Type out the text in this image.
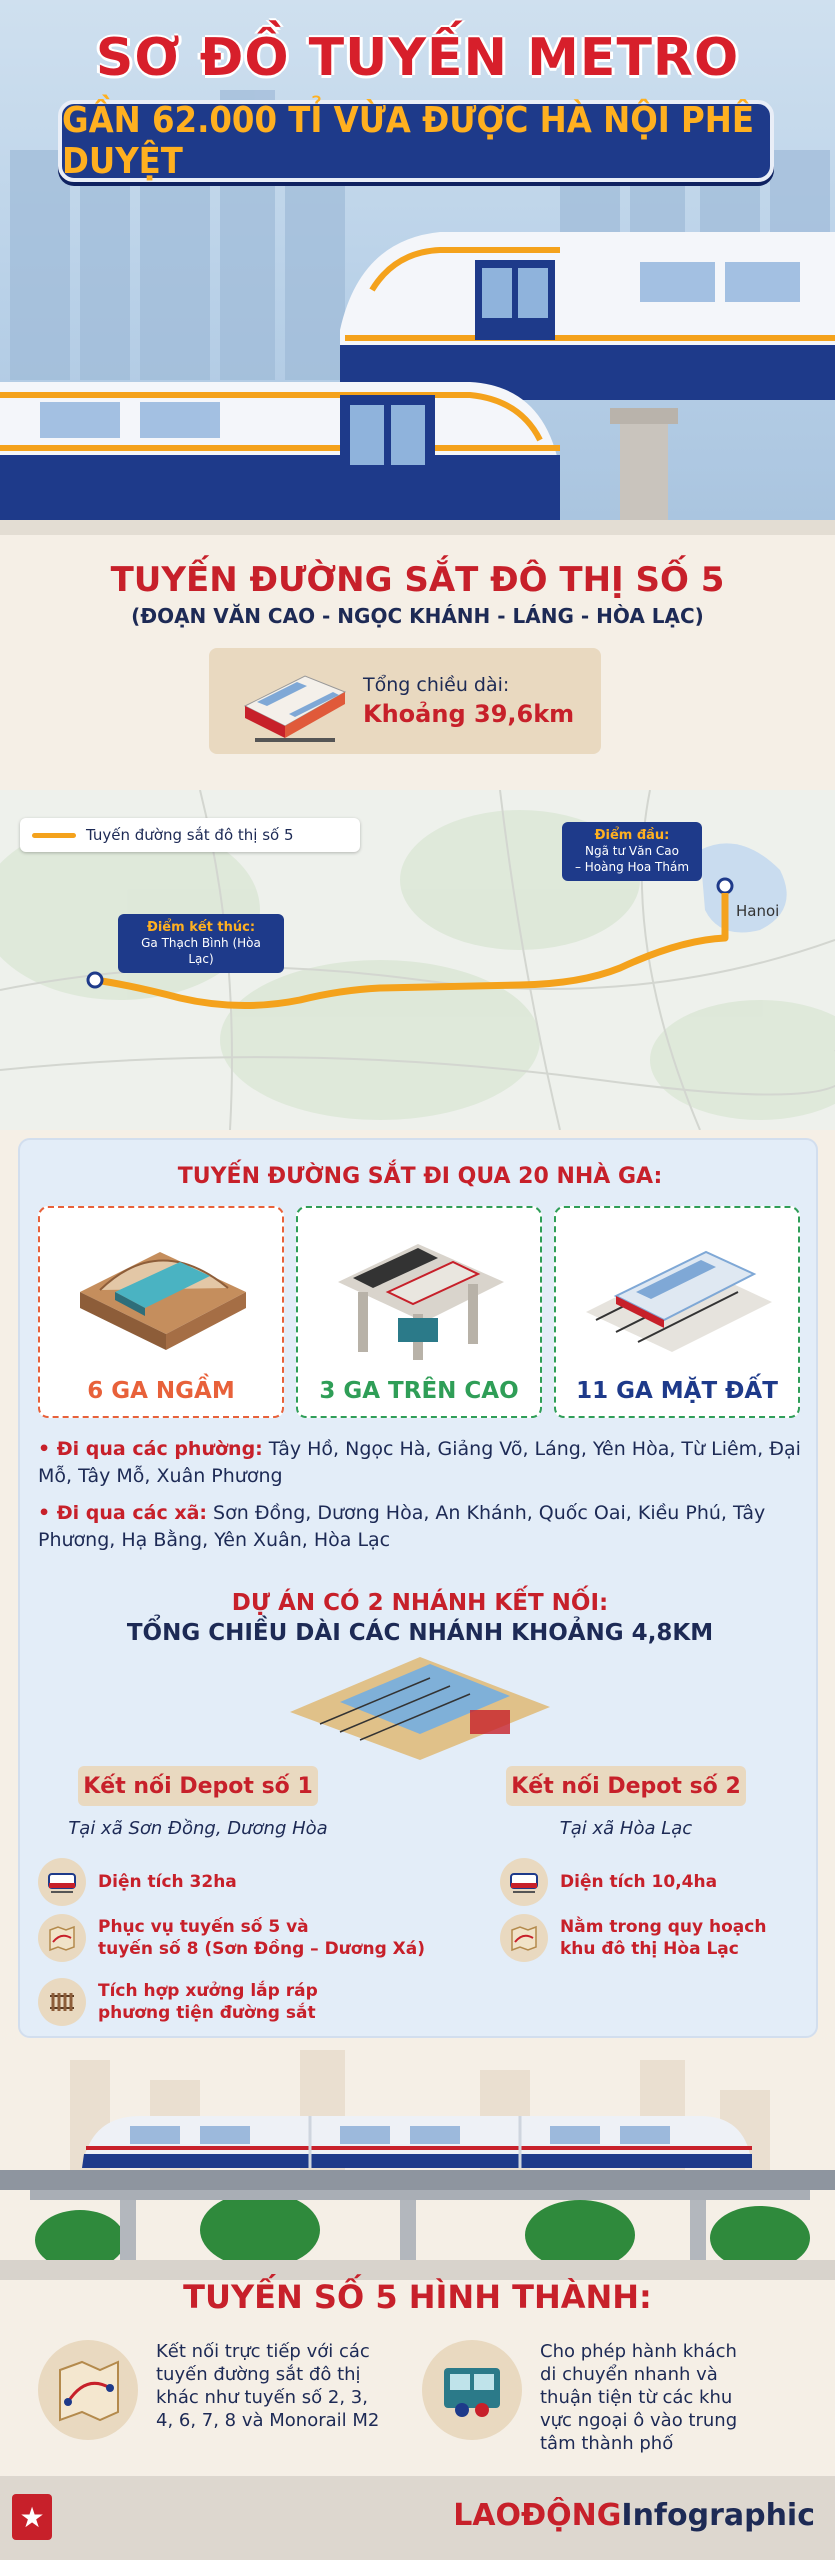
SƠ ĐỒ TUYẾN METRO
GẦN 62.000 TỈ VỪA ĐƯỢC HÀ NỘI PHÊ DUYỆT
TUYẾN ĐƯỜNG SẮT ĐÔ THỊ SỐ 5
(ĐOẠN VĂN CAO - NGỌC KHÁNH - LÁNG - HÒA LẠC)
Tổng chiều dài:
Khoảng 39,6km
Tuyến đường sắt đô thị số 5	Điểm đầu:
Ngã tư Văn Cao
– Hoàng Hoa Thám
Hanoi
Điểm kết thúc:
Ga Thạch Bình (Hòa Lạc)
TUYẾN ĐƯỜNG SẮT ĐI QUA 20 NHÀ GA:
6 GA NGẦM	3 GA TRÊN CAO	11 GA MẶT ĐẤT
• Đi qua các phường: Tây Hồ, Ngọc Hà, Giảng Võ, Láng, Yên Hòa, Từ Liêm, Đại Mỗ, Tây Mỗ, Xuân Phương
• Đi qua các xã: Sơn Đồng, Dương Hòa, An Khánh, Quốc Oai, Kiều Phú, Tây Phương, Hạ Bằng, Yên Xuân, Hòa Lạc
DỰ ÁN CÓ 2 NHÁNH KẾT NỐI:
TỔNG CHIỀU DÀI CÁC NHÁNH KHOẢNG 4,8KM
Kết nối Depot số 1	Kết nối Depot số 2
Tại xã Sơn Đồng, Dương Hòa	Tại xã Hòa Lạc
Diện tích 32ha
Phục vụ tuyến số 5 và
tuyến số 8 (Sơn Đồng – Dương Xá)
Tích hợp xưởng lắp ráp
phương tiện đường sắt
Diện tích 10,4ha
Nằm trong quy hoạch
khu đô thị Hòa Lạc
TUYẾN SỐ 5 HÌNH THÀNH:
Kết nối trực tiếp với các
tuyến đường sắt đô thị
khác như tuyến số 2, 3,
4, 6, 7, 8 và Monorail M2
Cho phép hành khách
di chuyển nhanh và
thuận tiện từ các khu
vực ngoại ô vào trung
tâm thành phố
★	LAOĐỘNGInfographic
